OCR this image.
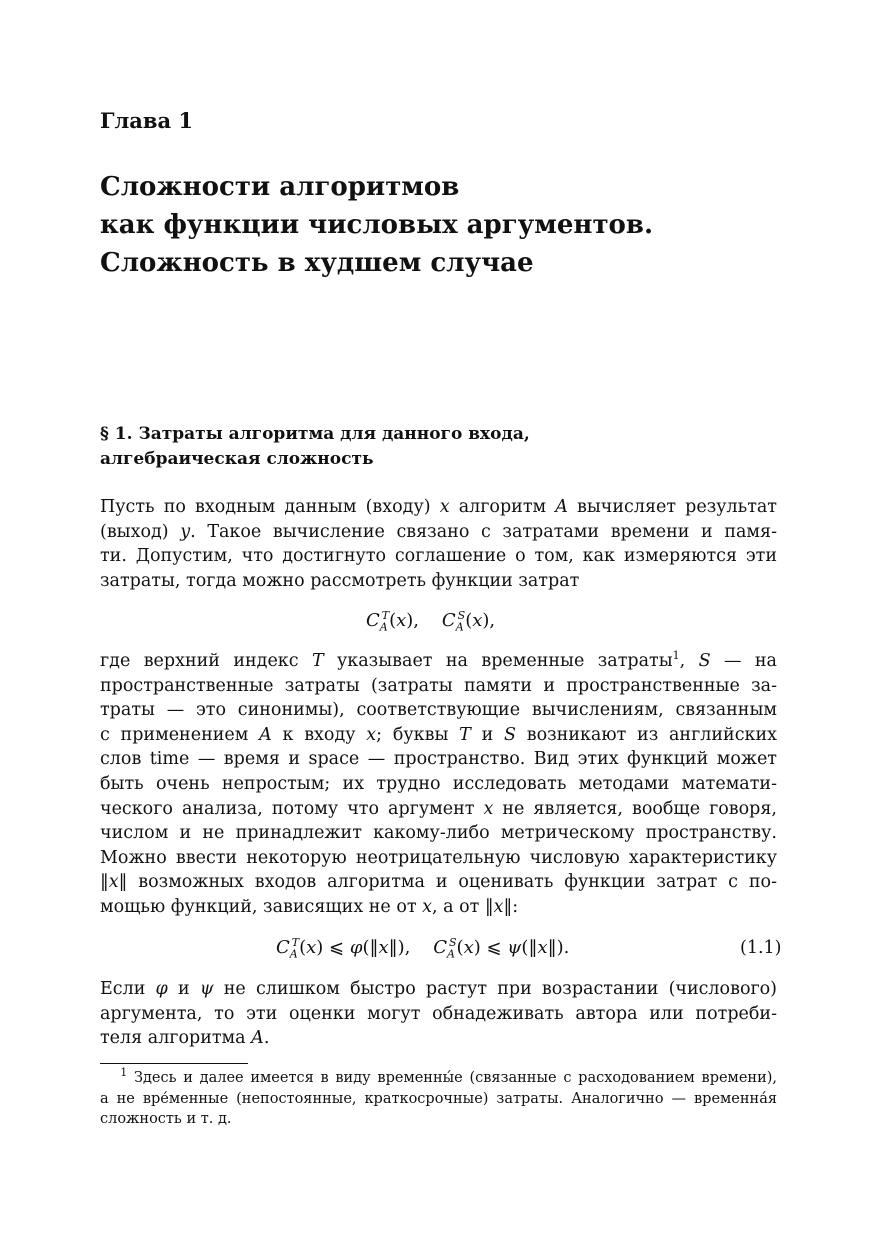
Глава 1
Сложности алгоритмов
как функции числовых аргументов.
Сложность в худшем случае
§ 1. Затраты алгоритма для данного входа,
алгебраическая сложность
Пусть по входным данным (входу) x алгоритм A вычисляет результат
(выход) y. Такое вычисление связано с затратами времени и памя-
ти. Допустим, что достигнуто соглашение о том, как измеряются эти
затраты, тогда можно рассмотреть функции затрат
$C_A^T(x)$,    $C_A^S(x)$,
где верхний индекс T указывает на временные затраты$^1$, S — на
пространственные затраты (затраты памяти и пространственные за-
траты — это синонимы), соответствующие вычислениям, связанным
с применением A к входу x; буквы T и S возникают из английских
слов time — время и space — пространство. Вид этих функций может
быть очень непростым; их трудно исследовать методами математи-
ческого анализа, потому что аргумент x не является, вообще говоря,
числом и не принадлежит какому-либо метрическому пространству.
Можно ввести некоторую неотрицательную числовую характеристику
‖x‖ возможных входов алгоритма и оценивать функции затрат с по-
мощью функций, зависящих не от x, а от ‖x‖:
$C_A^T(x)$ ⩽ φ(‖x‖),    $C_A^S(x)$ ⩽ ψ(‖x‖).	(1.1)
Если φ и ψ не слишком быстро растут при возрастании (числового)
аргумента, то эти оценки могут обнадеживать автора или потреби-
теля алгоритма A.
$^1$ Здесь и далее имеется в виду временны́е (связанные с расходованием времени),
а не вре́менные (непостоянные, краткосрочные) затраты. Аналогично — временна́я
сложность и т. д.
